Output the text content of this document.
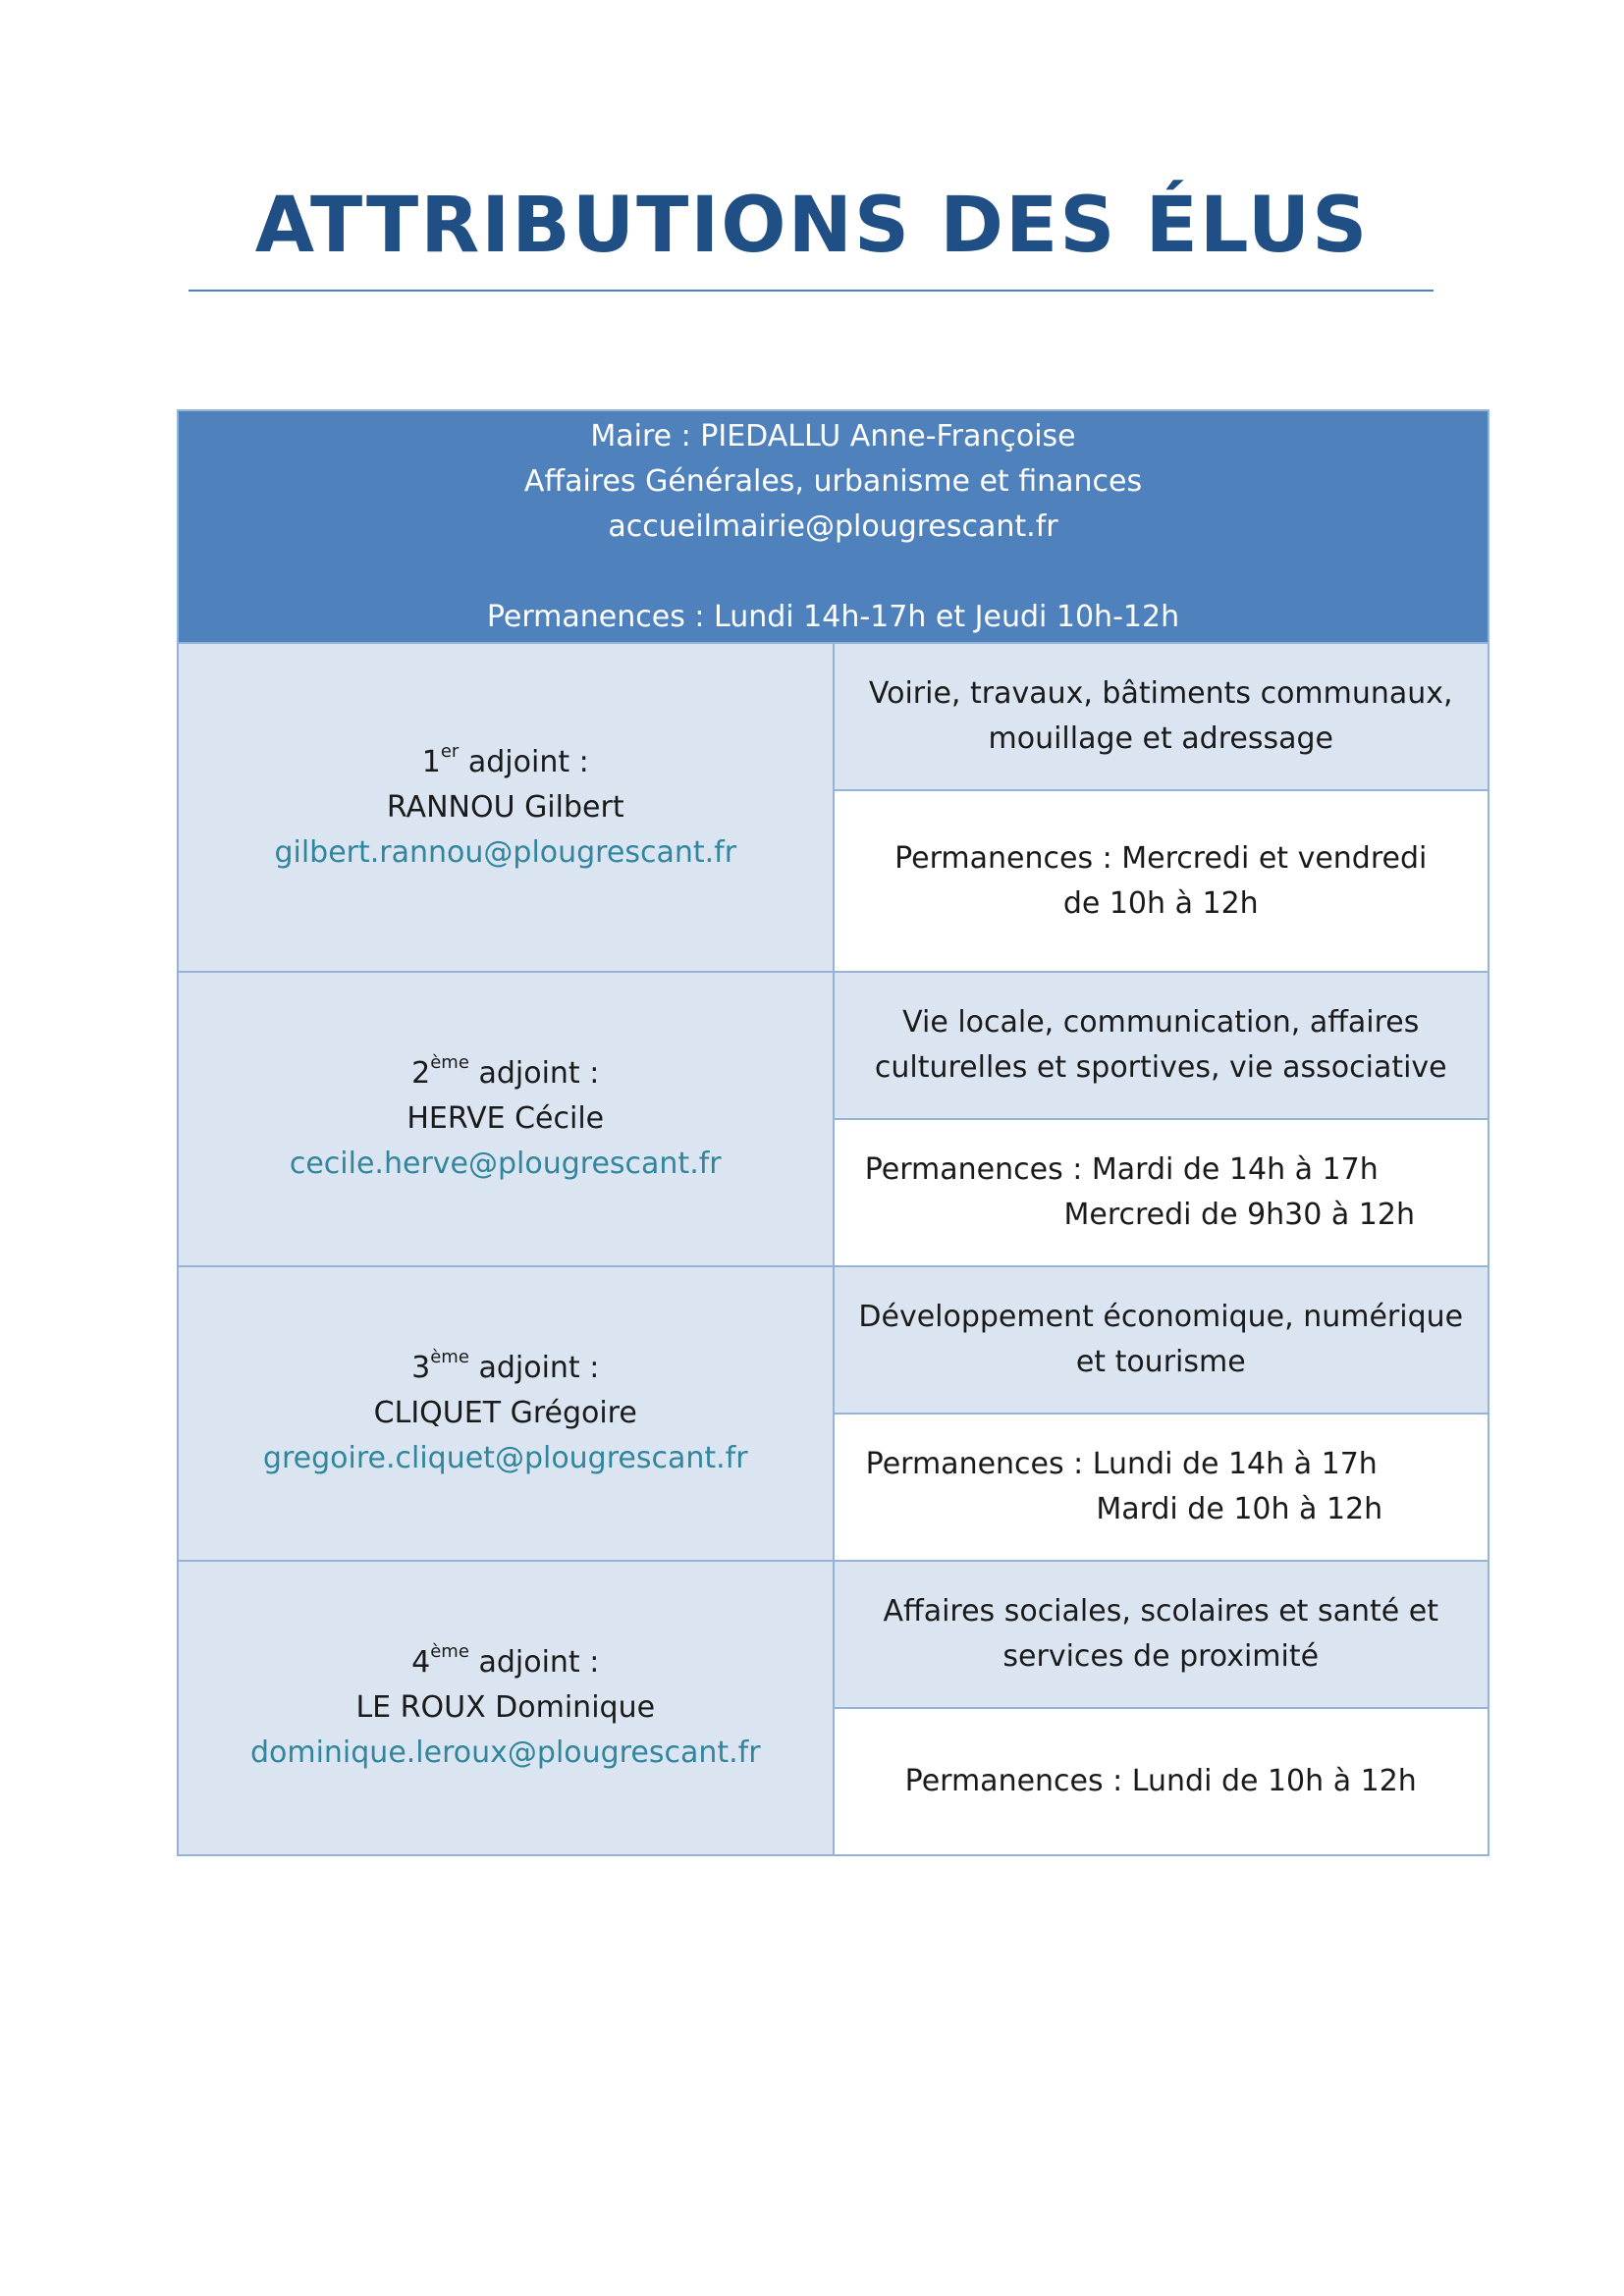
ATTRIBUTIONS DES ÉLUS
Maire : PIEDALLU Anne-Françoise
Affaires Générales, urbanisme et finances
accueilmairie@plougrescant.fr
Permanences : Lundi 14h-17h et Jeudi 10h-12h	

1er adjoint :
RANNOU Gilbert
gilbert.rannou@plougrescant.fr	Voirie, travaux, bâtiments communaux, mouillage et adressage

	Permanences : Mercredi et vendredi
de 10h à 12h

2ème adjoint :
HERVE Cécile
cecile.herve@plougrescant.fr	Vie locale, communication, affaires culturelles et sportives, vie associative

	Permanences : Mardi de 14h à 17h
Mercredi de 9h30 à 12h

3ème adjoint :
CLIQUET Grégoire
gregoire.cliquet@plougrescant.fr	Développement économique, numérique et tourisme

	Permanences : Lundi de 14h à 17h
Mardi de 10h à 12h

4ème adjoint :
LE ROUX Dominique
dominique.leroux@plougrescant.fr	Affaires sociales, scolaires et santé et services de proximité

	Permanences : Lundi de 10h à 12h
